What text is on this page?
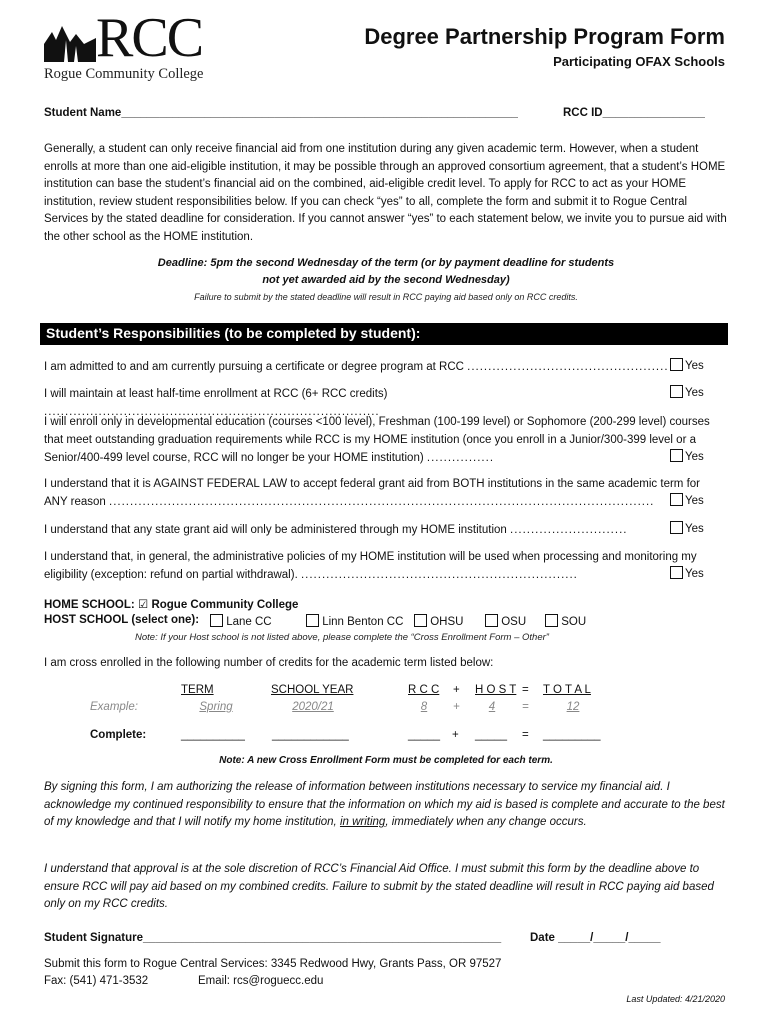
RCC
Rogue Community College
Degree Partnership Program Form
Participating OFAX Schools
Student Name______________________________________________________________	RCC ID________________
Generally, a student can only receive financial aid from one institution during any given academic term. However, when a student enrolls at more than one aid-eligible institution, it may be possible through an approved consortium agreement, that a student’s HOME institution can base the student’s financial aid on the combined, aid-eligible credit level. To apply for RCC to act as your HOME institution, review student responsibilities below. If you can check “yes” to all, complete the form and submit it to Rogue Central Services by the stated deadline for consideration. If you cannot answer “yes” to each statement below, we invite you to pursue aid with the other school as the HOME institution.
Deadline: 5pm the second Wednesday of the term (or by payment deadline for students
not yet awarded aid by the second Wednesday)
Failure to submit by the stated deadline will result in RCC paying aid based only on RCC credits.
Student’s Responsibilities (to be completed by student):
I am admitted to and am currently pursuing a certificate or degree program at RCC ................................................	Yes
I will maintain at least half-time enrollment at RCC (6+ RCC credits) ................................................................................
Yes
I will enroll only in developmental education (courses <100 level), Freshman (100-199 level) or Sophomore (200-299 level) courses that meet outstanding graduation requirements while RCC is my HOME institution (once you enroll in a Junior/300-399 level or a Senior/400-499 level course, RCC will no longer be your HOME institution) ................	Yes
I understand that it is AGAINST FEDERAL LAW to accept federal grant aid from BOTH institutions in the same academic term for ANY reason ..................................................................................................................................	Yes
I understand that any state grant aid will only be administered through my HOME institution ............................	Yes
I understand that, in general, the administrative policies of my HOME institution will be used when processing and monitoring my eligibility (exception: refund on partial withdrawal). ..................................................................	Yes
HOME SCHOOL: ☑ Rogue Community College
HOST SCHOOL (select one):	Lane CC	Linn Benton CC	OHSU	OSU	SOU
Note: If your Host school is not listed above, please complete the “Cross Enrollment Form – Other”
I am cross enrolled in the following number of credits for the academic term listed below:
TERM	SCHOOL YEAR	R C C + H O S T = T O T A L
Example:	Spring	2020/21	8	+	4	=	12
Complete:	__________ ____________	_____ + _____ = _________
Note: A new Cross Enrollment Form must be completed for each term.
By signing this form, I am authorizing the release of information between institutions necessary to service my financial aid. I acknowledge my continued responsibility to ensure that the information on which my aid is based is complete and accurate to the best of my knowledge and that I will notify my home institution, in writing, immediately when any change occurs.
I understand that approval is at the sole discretion of RCC’s Financial Aid Office. I must submit this form by the deadline above to ensure RCC will pay aid based on my combined credits. Failure to submit by the stated deadline will result in RCC paying aid based only on my RCC credits.
Student Signature________________________________________________________	Date _____/_____/_____
Submit this form to Rogue Central Services: 3345 Redwood Hwy, Grants Pass, OR 97527
Fax: (541) 471-3532	Email: rcs@roguecc.edu
Last Updated: 4/21/2020
